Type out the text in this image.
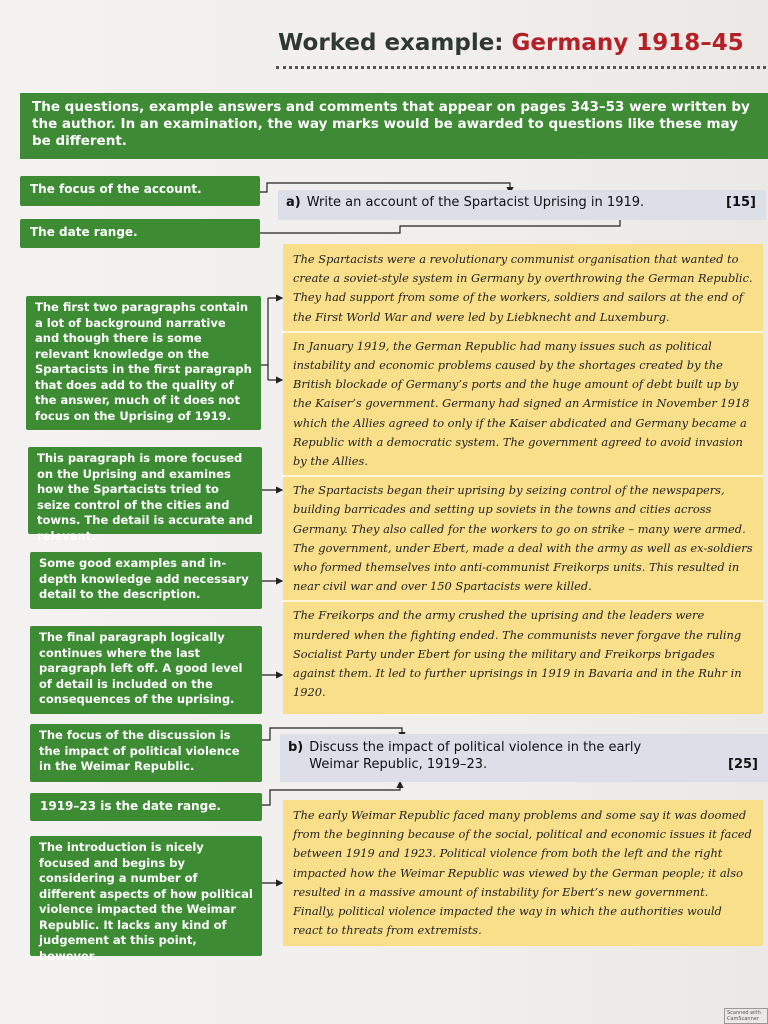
Worked example: Germany 1918–45
The questions, example answers and comments that appear on pages 343–53 were written by the author. In an examination, the way marks would be awarded to questions like these may be different.
The focus of the account.
The date range.
The first two paragraphs contain a lot of background narrative and though there is some relevant knowledge on the Spartacists in the first paragraph that does add to the quality of the answer, much of it does not focus on the Uprising of 1919.
This paragraph is more focused on the Uprising and examines how the Spartacists tried to seize control of the cities and towns. The detail is accurate and relevant.
Some good examples and in-depth knowledge add necessary detail to the description.
The final paragraph logically continues where the last paragraph left off. A good level of detail is included on the consequences of the uprising.
The focus of the discussion is the impact of political violence in the Weimar Republic.
1919–23 is the date range.
The introduction is nicely focused and begins by considering a number of different aspects of how political violence impacted the Weimar Republic. It lacks any kind of judgement at this point, however.
a) Write an account of the Spartacist Uprising in 1919.	[15]
b) Discuss the impact of political violence in the early Weimar Republic, 1919–23.	[25]

The Spartacists were a revolutionary communist organisation that wanted to create a soviet-style system in Germany by overthrowing the German Republic. They had support from some of the workers, soldiers and sailors at the end of the First World War and were led by Liebknecht and Luxemburg.

In January 1919, the German Republic had many issues such as political instability and economic problems caused by the shortages created by the British blockade of Germany’s ports and the huge amount of debt built up by the Kaiser’s government. Germany had signed an Armistice in November 1918 which the Allies agreed to only if the Kaiser abdicated and Germany became a Republic with a democratic system. The government agreed to avoid invasion by the Allies.

The Spartacists began their uprising by seizing control of the newspapers, building barricades and setting up soviets in the towns and cities across Germany. They also called for the workers to go on strike – many were armed. The government, under Ebert, made a deal with the army as well as ex-soldiers who formed themselves into anti-communist Freikorps units. This resulted in near civil war and over 150 Spartacists were killed.

The Freikorps and the army crushed the uprising and the leaders were murdered when the fighting ended. The communists never forgave the ruling Socialist Party under Ebert for using the military and Freikorps brigades against them. It led to further uprisings in 1919 in Bavaria and in the Ruhr in 1920.

The early Weimar Republic faced many problems and some say it was doomed from the beginning because of the social, political and economic issues it faced between 1919 and 1923. Political violence from both the left and the right impacted how the Weimar Republic was viewed by the German people; it also resulted in a massive amount of instability for Ebert’s new government. Finally, political violence impacted the way in which the authorities would react to threats from extremists.

Scanned with CamScanner
